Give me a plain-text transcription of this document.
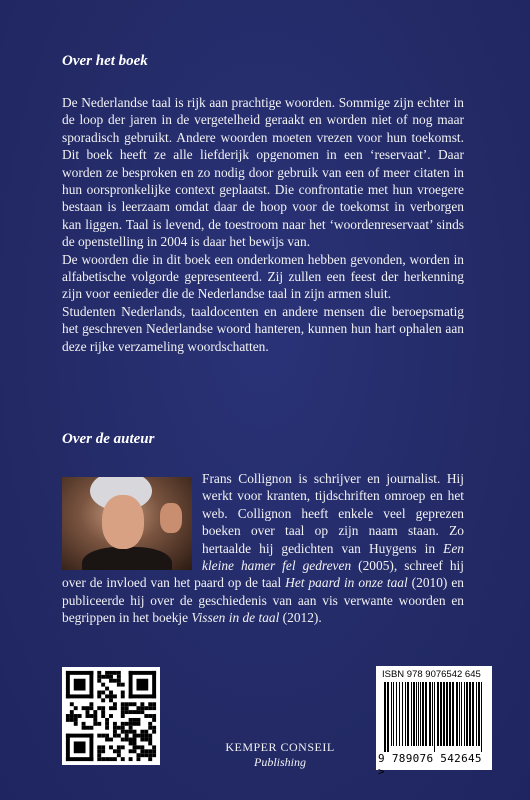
Over het boek
De Nederlandse taal is rijk aan prachtige woorden. Sommige zijn echter in de loop der jaren in de vergetelheid geraakt en worden niet of nog maar sporadisch gebruikt. Andere woorden moeten vrezen voor hun toekomst. Dit boek heeft ze alle liefderijk opgenomen in een ‘reservaat’. Daar worden ze besproken en zo nodig door gebruik van een of meer citaten in hun oorspronkelijke context geplaatst. Die confrontatie met hun vroegere bestaan is leerzaam omdat daar de hoop voor de toekomst in verborgen kan liggen. Taal is levend, de toestroom naar het ‘woordenreservaat’ sinds de openstelling in 2004 is daar het bewijs van.
De woorden die in dit boek een onderkomen hebben gevonden, worden in alfabetische volgorde gepresenteerd. Zij zullen een feest der herkenning zijn voor eenieder die de Nederlandse taal in zijn armen sluit.
Studenten Nederlands, taaldocenten en andere mensen die beroepsmatig het geschreven Nederlandse woord hanteren, kunnen hun hart ophalen aan deze rijke verzameling woordschatten.
Over de auteur
Frans Collignon is schrijver en journalist. Hij werkt voor kranten, tijdschriften omroep en het web. Collignon heeft enkele veel geprezen boeken over taal op zijn naam staan. Zo hertaalde hij gedichten van Huygens in Een kleine hamer fel gedreven (2005), schreef hij over de invloed van het paard op de taal Het paard in onze taal (2010) en publiceerde hij over de geschiedenis van aan vis verwante woorden en begrippen in het boekje Vissen in de taal (2012).
KEMPER CONSEIL
Publishing
ISBN 978 9076542 645
9 789076 542645 >
